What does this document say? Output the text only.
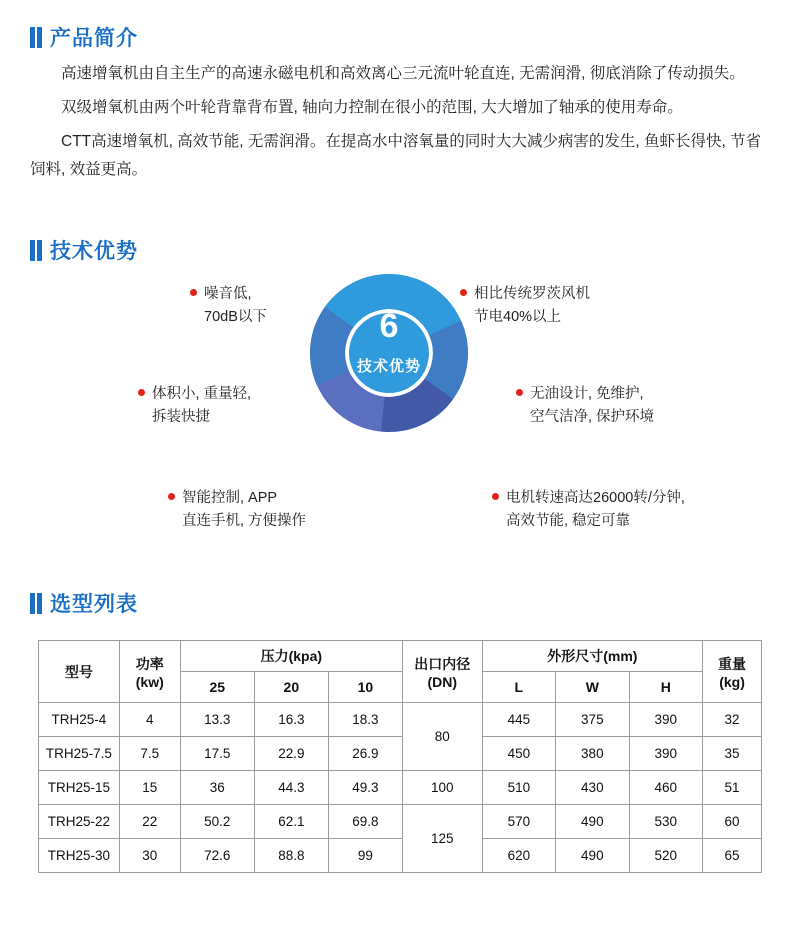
产品简介

高速增氧机由自主生产的高速永磁电机和高效离心三元流叶轮直连, 无需润滑, 彻底消除了传动损失。

双级增氧机由两个叶轮背靠背布置, 轴向力控制在很小的范围, 大大增加了轴承的使用寿命。

CTT高速增氧机, 高效节能, 无需润滑。在提高水中溶氧量的同时大大减少病害的发生, 鱼虾长得快, 节省饲料, 效益更高。

技术优势
6
技术优势
相比传统罗茨风机
节电40%以上
无油设计, 免维护,
空气洁净, 保护环境
电机转速高达26000转/分钟,
高效节能, 稳定可靠
智能控制, APP
直连手机, 方便操作
体积小, 重量轻,
拆装快捷
噪音低,
70dB以下
选型列表
型号	功率
(kw)
	压力(kpa)	出口内径
(DN)
	外形尺寸(mm)	重量
(kg)

		25	20	10		L	W	H	
TRH25-4	4	13.3	16.3	18.3	80	445	375	390	32
TRH25-7.5	7.5	17.5	22.9	26.9		450	380	390	35
TRH25-15	15	36	44.3	49.3	100	510	430	460	51
TRH25-22	22	50.2	62.1	69.8	125	570	490	530	60
TRH25-30	30	72.6	88.8	99		620	490	520	65
